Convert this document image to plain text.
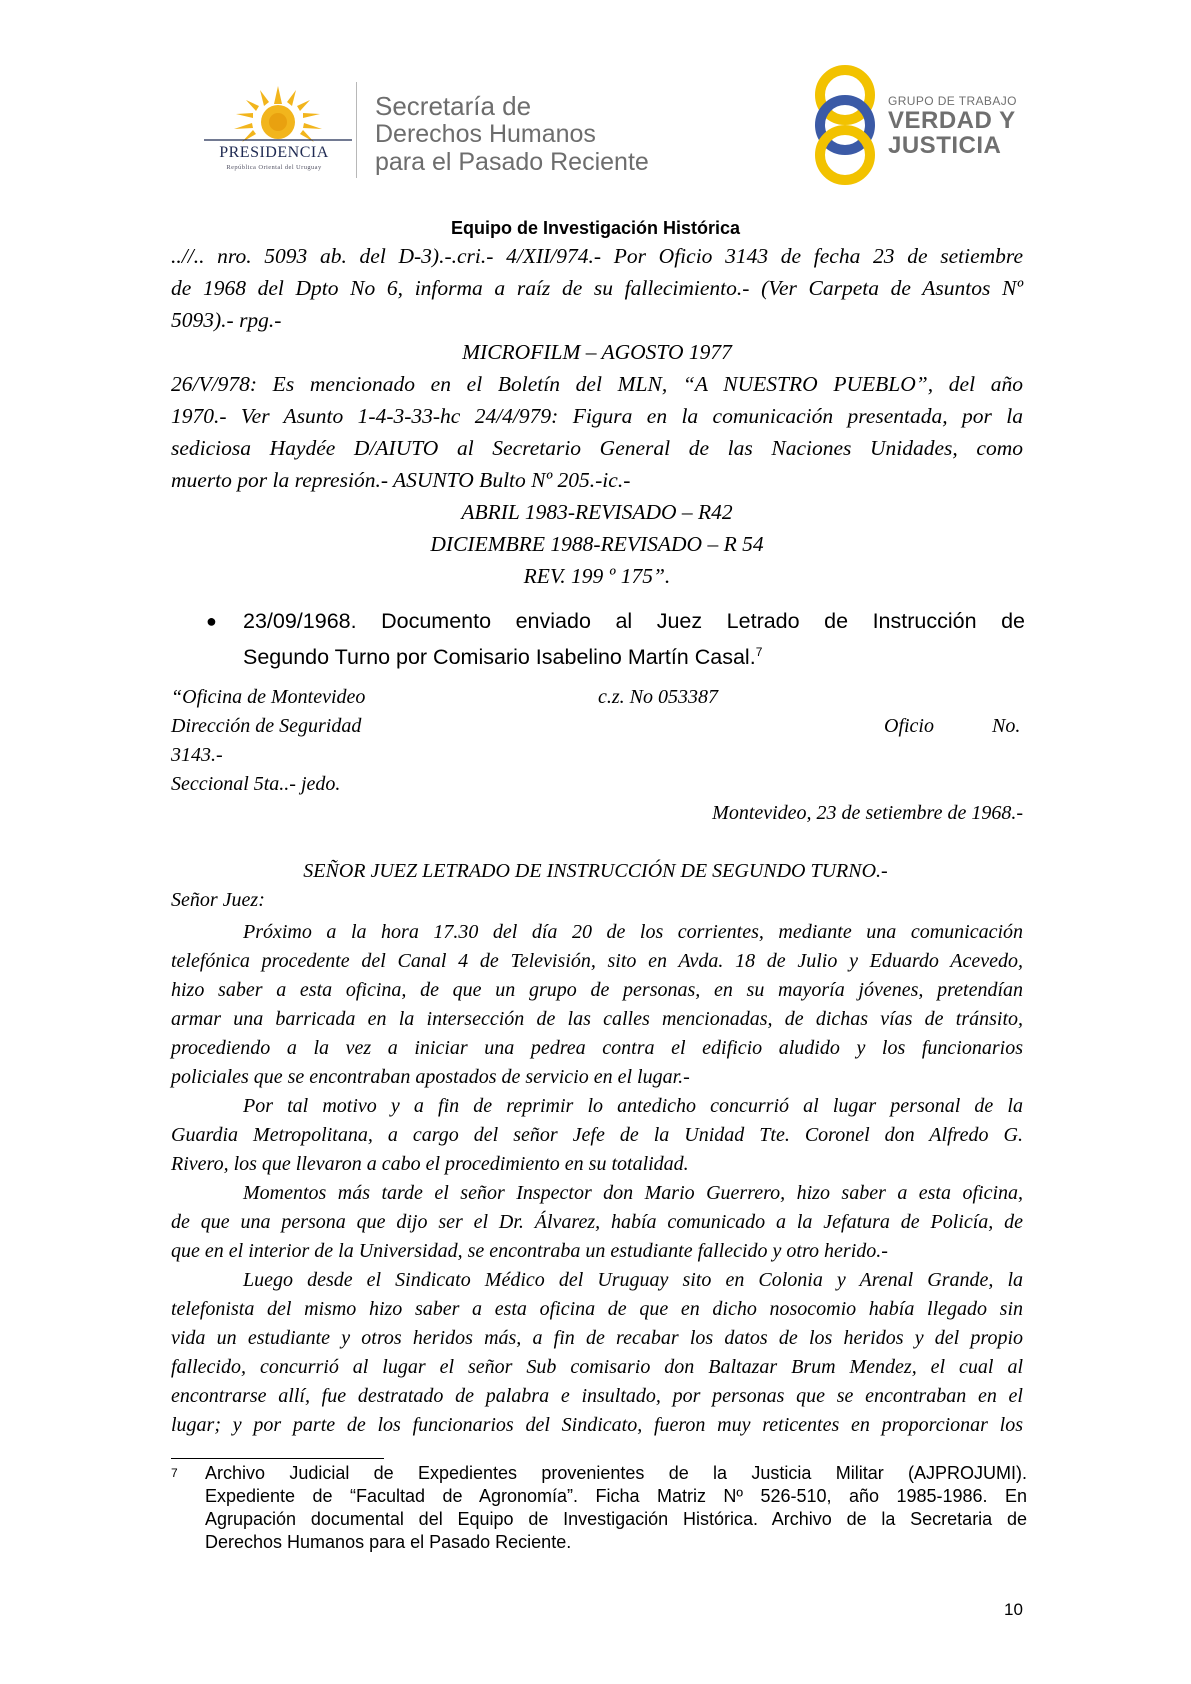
PRESIDENCIA
República Oriental del Uruguay
Secretaría de
Derechos Humanos
para el Pasado Reciente
GRUPO DE TRABAJO
VERDAD Y
JUSTICIA
Equipo de Investigación Histórica

..//.. nro. 5093 ab. del D-3).-.cri.- 4/XII/974.- Por Oficio 3143 de fecha 23 de setiembre

de 1968 del Dpto No 6, informa a raíz de su fallecimiento.- (Ver Carpeta de Asuntos Nº

5093).- rpg.-

MICROFILM – AGOSTO 1977

26/V/978: Es mencionado en el Boletín del MLN, “A NUESTRO PUEBLO”, del año

1970.- Ver Asunto 1-4-3-33-hc 24/4/979: Figura en la comunicación presentada, por la

sediciosa Haydée D/AIUTO al Secretario General de las Naciones Unidades, como

muerto por la represión.- ASUNTO Bulto Nº 205.-ic.-

ABRIL 1983-REVISADO – R42

DICIEMBRE 1988-REVISADO – R 54

REV. 199 º 175”.

● 23/09/1968. Documento enviado al Juez Letrado de Instrucción de
Segundo Turno por Comisario Isabelino Martín Casal.$^7$
“Oficina de Montevideo	c.z. No 053387
Dirección de Seguridad	Oficio	No.
3143.-
Seccional 5ta..- jedo.
Montevideo, 23 de setiembre de 1968.-
SEÑOR JUEZ LETRADO DE INSTRUCCIÓN DE SEGUNDO TURNO.-
Señor Juez:
Próximo a la hora 17.30 del día 20 de los corrientes, mediante una comunicación
telefónica procedente del Canal 4 de Televisión, sito en Avda. 18 de Julio y Eduardo Acevedo,
hizo saber a esta oficina, de que un grupo de personas, en su mayoría jóvenes, pretendían
armar una barricada en la intersección de las calles mencionadas, de dichas vías de tránsito,
procediendo a la vez a iniciar una pedrea contra el edificio aludido y los funcionarios
policiales que se encontraban apostados de servicio en el lugar.-
Por tal motivo y a fin de reprimir lo antedicho concurrió al lugar personal de la
Guardia Metropolitana, a cargo del señor Jefe de la Unidad Tte. Coronel don Alfredo G.
Rivero, los que llevaron a cabo el procedimiento en su totalidad.
Momentos más tarde el señor Inspector don Mario Guerrero, hizo saber a esta oficina,
de que una persona que dijo ser el Dr. Álvarez, había comunicado a la Jefatura de Policía, de
que en el interior de la Universidad, se encontraba un estudiante fallecido y otro herido.-
Luego desde el Sindicato Médico del Uruguay sito en Colonia y Arenal Grande, la
telefonista del mismo hizo saber a esta oficina de que en dicho nosocomio había llegado sin
vida un estudiante y otros heridos más, a fin de recabar los datos de los heridos y del propio
fallecido, concurrió al lugar el señor Sub comisario don Baltazar Brum Mendez, el cual al
encontrarse allí, fue destratado de palabra e insultado, por personas que se encontraban en el
lugar; y por parte de los funcionarios del Sindicato, fueron muy reticentes en proporcionar los
7 Archivo Judicial de Expedientes provenientes de la Justicia Militar (AJPROJUMI).
Expediente de “Facultad de Agronomía”. Ficha Matriz Nº 526-510, año 1985-1986. En
Agrupación documental del Equipo de Investigación Histórica. Archivo de la Secretaria de
Derechos Humanos para el Pasado Reciente.
10
